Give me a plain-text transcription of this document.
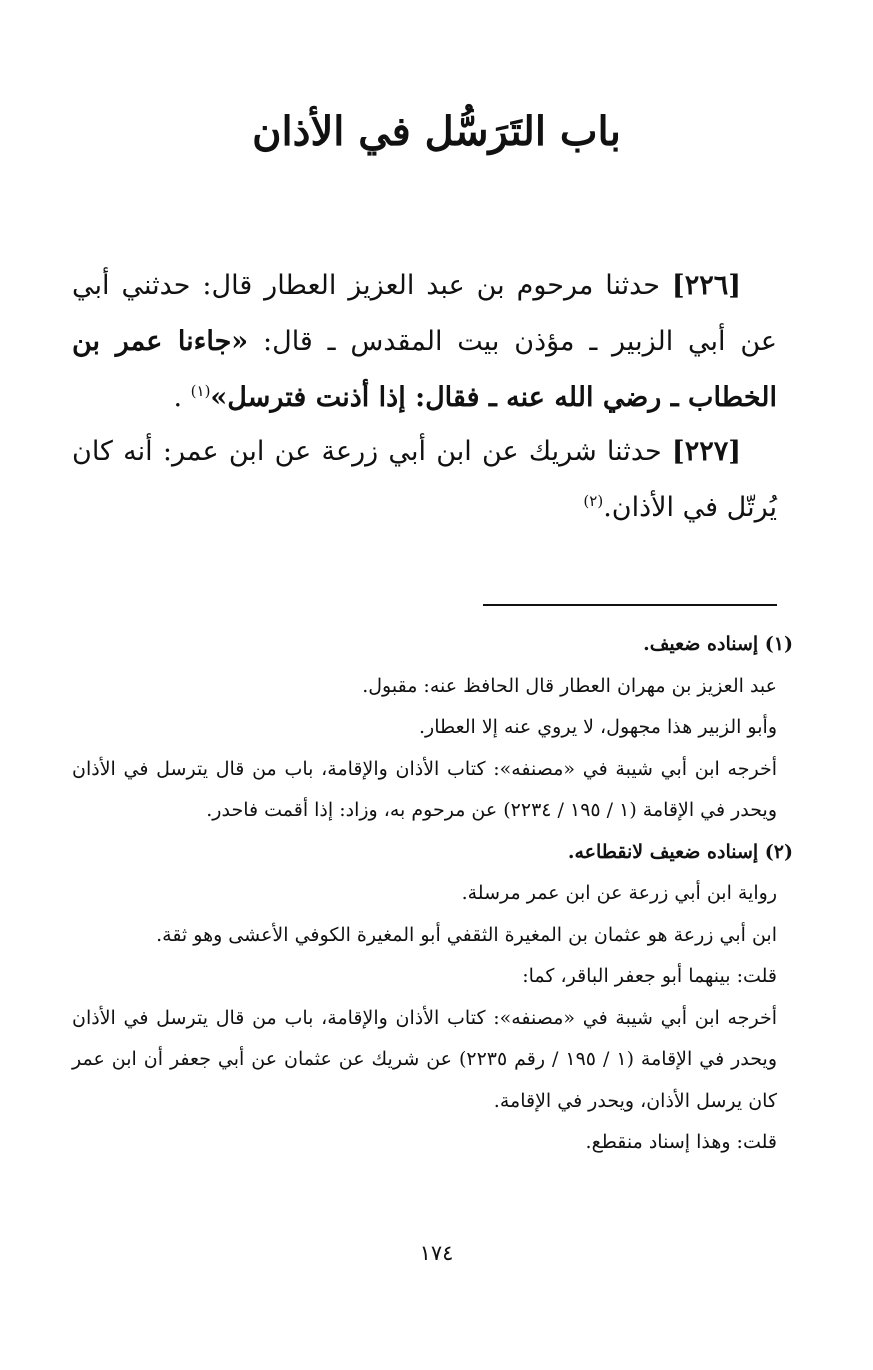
باب التَرَسُّل في الأذان

[٢٢٦] حدثنا مرحوم بن عبد العزيز العطار قال: حدثني أبي عن أبي الزبير ـ مؤذن بيت المقدس ـ قال: «جاءنا عمر بن الخطاب ـ رضي الله عنه ـ فقال: إذا أذنت فترسل»$^{(١)}$ .

[٢٢٧] حدثنا شريك عن ابن أبي زرعة عن ابن عمر: أنه كان يُرتّل في الأذان.$^{(٢)}$

(١) إسناده ضعيف.

عبد العزيز بن مهران العطار قال الحافظ عنه: مقبول.

وأبو الزبير هذا مجهول، لا يروي عنه إلا العطار.

أخرجه ابن أبي شيبة في «مصنفه»: كتاب الأذان والإقامة، باب من قال يترسل في الأذان ويحدر في الإقامة (١ / ١٩٥ / ٢٢٣٤) عن مرحوم به، وزاد: إذا أقمت فاحدر.

(٢) إسناده ضعيف لانقطاعه.

رواية ابن أبي زرعة عن ابن عمر مرسلة.

ابن أبي زرعة هو عثمان بن المغيرة الثقفي أبو المغيرة الكوفي الأعشى وهو ثقة.

قلت: بينهما أبو جعفر الباقر، كما:

أخرجه ابن أبي شيبة في «مصنفه»: كتاب الأذان والإقامة، باب من قال يترسل في الأذان ويحدر في الإقامة (١ / ١٩٥ / رقم ٢٢٣٥) عن شريك عن عثمان عن أبي جعفر أن ابن عمر كان يرسل الأذان، ويحدر في الإقامة.

قلت: وهذا إسناد منقطع.

١٧٤
